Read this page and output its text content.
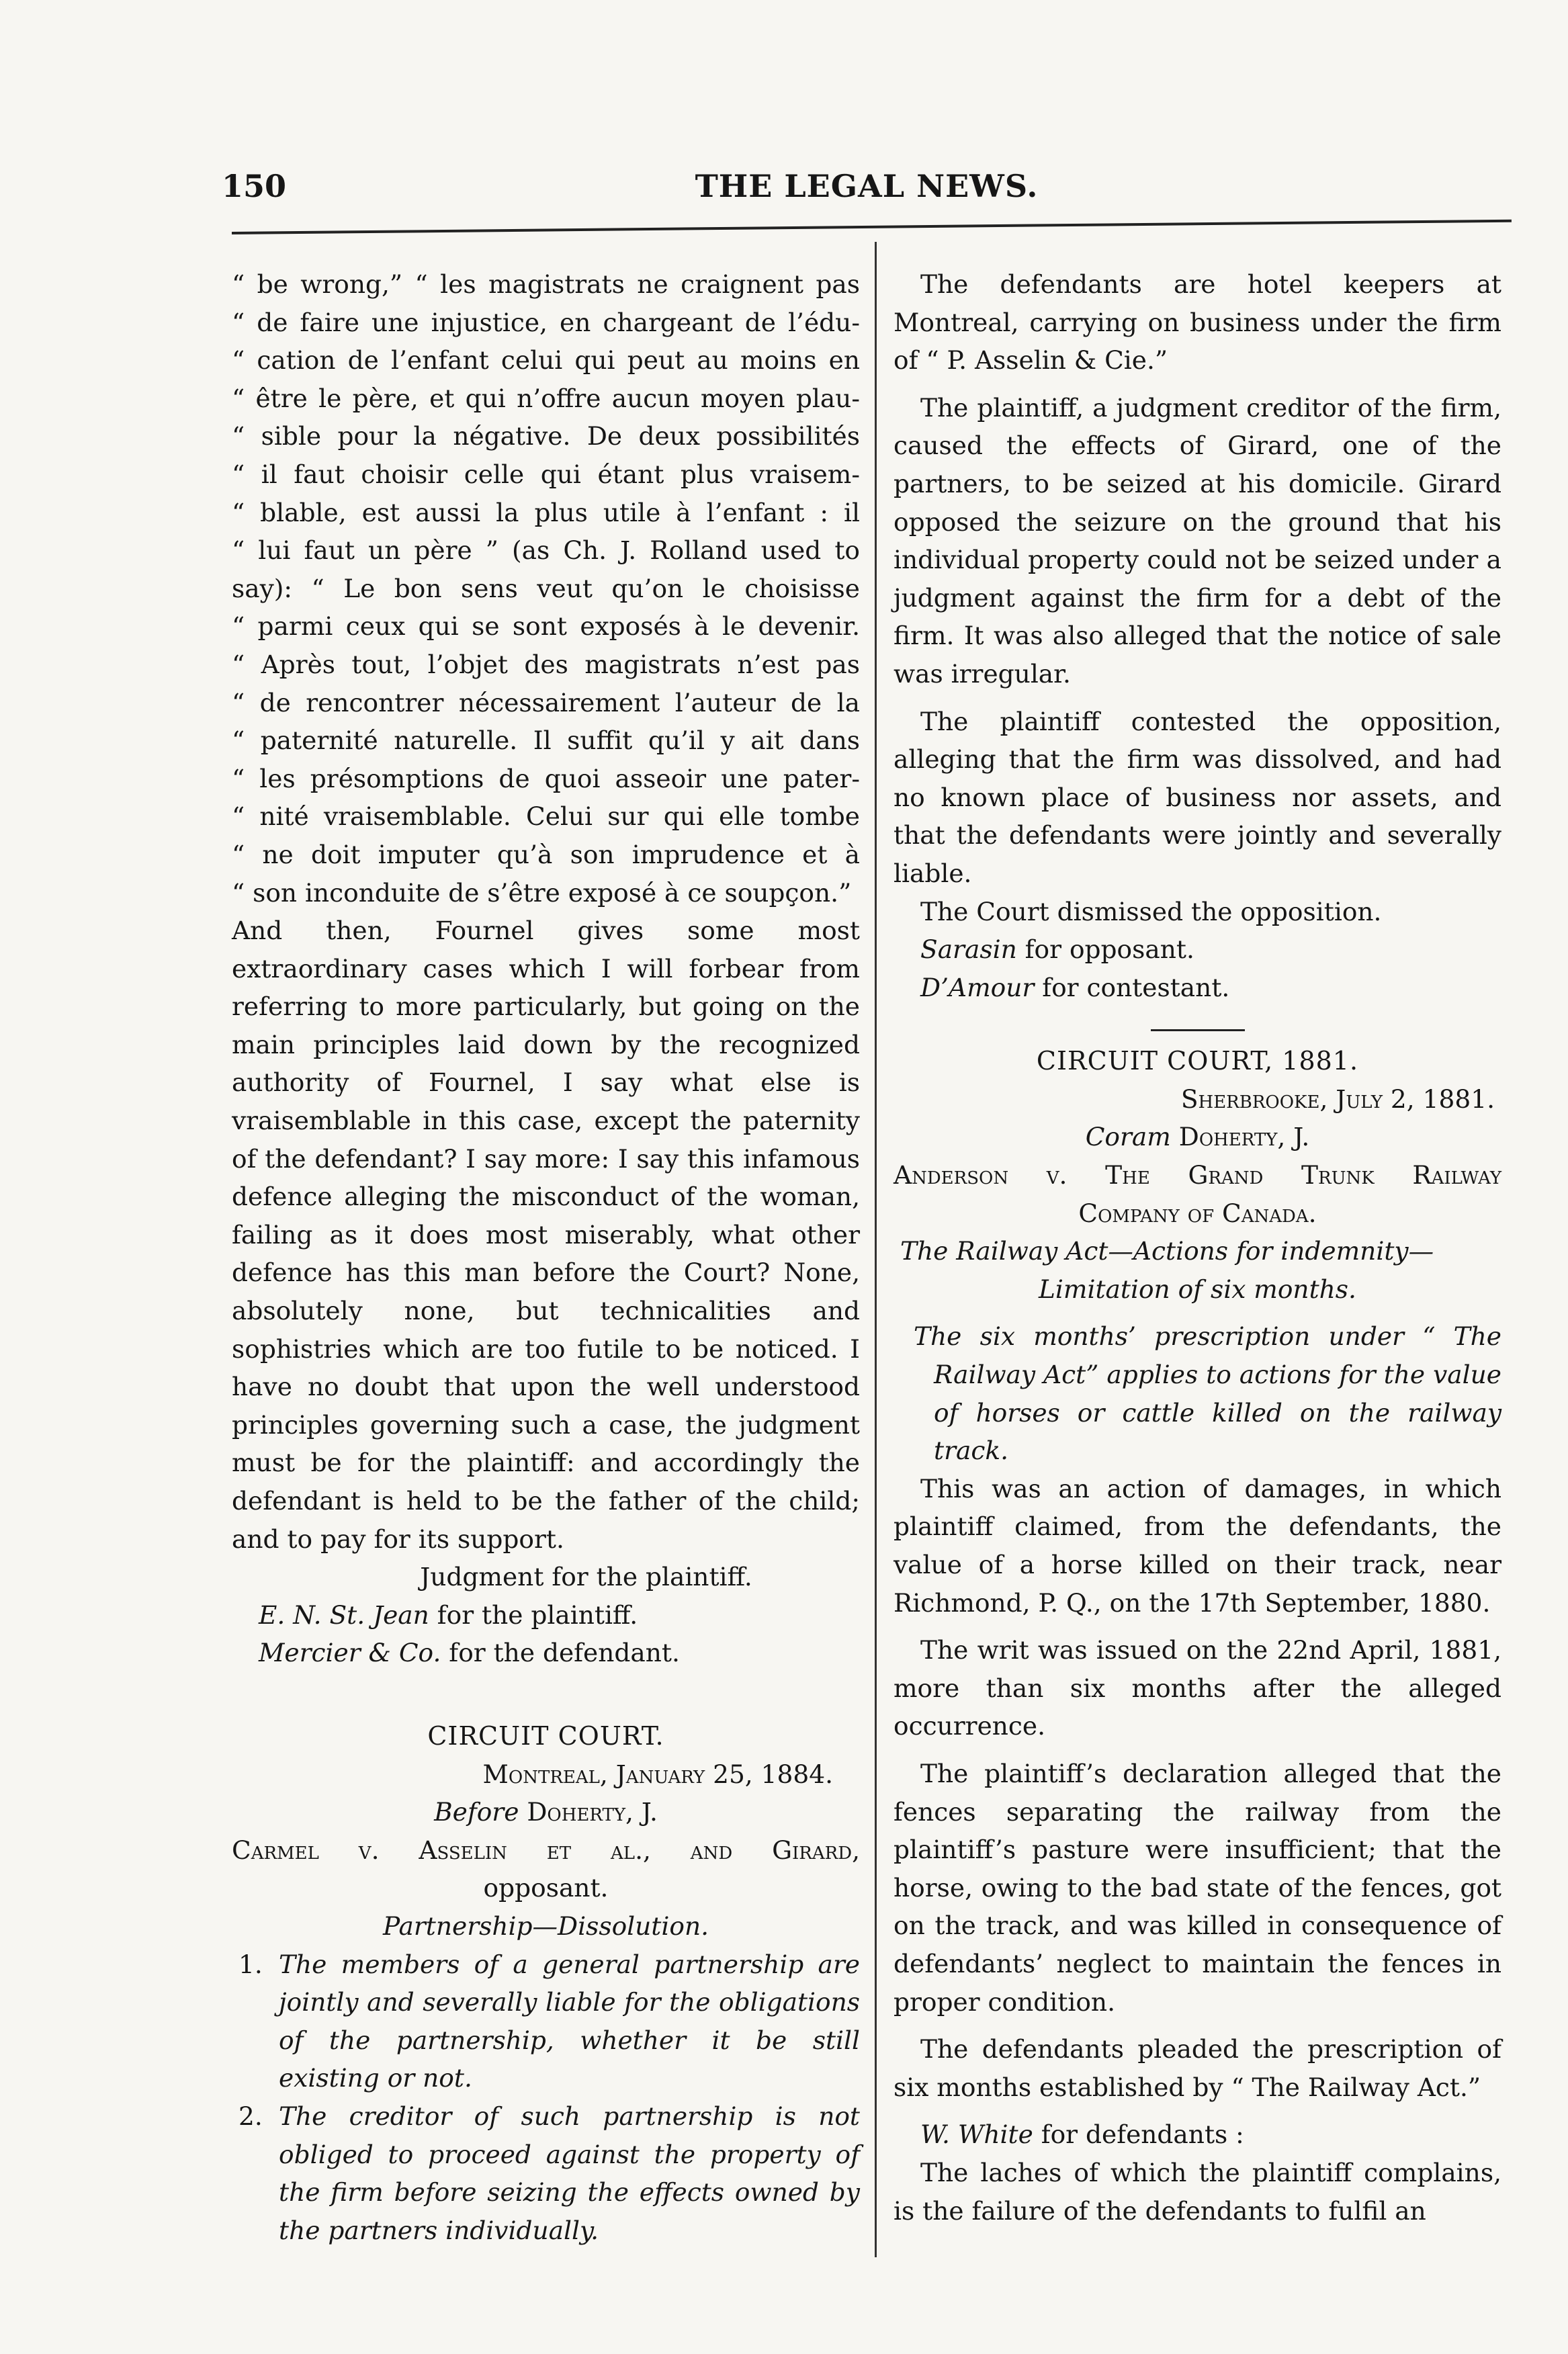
150	THE LEGAL NEWS.

“ be wrong,” “ les magistrats ne craignent pas

“ de faire une injustice, en chargeant de l’édu-

“ cation de l’enfant celui qui peut au moins en

“ être le père, et qui n’offre aucun moyen plau-

“ sible pour la négative. De deux possibilités

“ il faut choisir celle qui étant plus vraisem-

“ blable, est aussi la plus utile à l’enfant : il

“ lui faut un père ” (as Ch. J. Rolland used to

say): “ Le bon sens veut qu’on le choisisse

“ parmi ceux qui se sont exposés à le devenir.

“ Après tout, l’objet des magistrats n’est pas

“ de rencontrer nécessairement l’auteur de la

“ paternité naturelle. Il suffit qu’il y ait dans

“ les présomptions de quoi asseoir une pater-

“ nité vraisemblable. Celui sur qui elle tombe

“ ne doit imputer qu’à son imprudence et à

“ son inconduite de s’être exposé à ce soupçon.”

And then, Fournel gives some most extraordinary cases which I will forbear from referring to more particularly, but going on the main principles laid down by the recognized authority of Fournel, I say what else is vraisemblable in this case, except the paternity of the defendant? I say more: I say this infamous defence alleging the misconduct of the woman, failing as it does most miserably, what other defence has this man before the Court? None, absolutely none, but technicalities and sophistries which are too futile to be noticed. I have no doubt that upon the well understood principles governing such a case, the judgment must be for the plaintiff: and accordingly the defendant is held to be the father of the child; and to pay for its support.

Judgment for the plaintiff.

E. N. St. Jean for the plaintiff.

Mercier & Co. for the defendant.

CIRCUIT COURT.

Montreal, January 25, 1884.

Before Doherty, J.

Carmel v. Asselin et al., and Girard,

opposant.

Partnership—Dissolution.

1. The members of a general partnership are jointly and severally liable for the obligations of the partnership, whether it be still existing or not.

2. The creditor of such partnership is not obliged to proceed against the property of the firm before seizing the effects owned by the partners individually.

The defendants are hotel keepers at Montreal, carrying on business under the firm of “ P. Asselin & Cie.”

The plaintiff, a judgment creditor of the firm, caused the effects of Girard, one of the partners, to be seized at his domicile. Girard opposed the seizure on the ground that his individual property could not be seized under a judgment against the firm for a debt of the firm. It was also alleged that the notice of sale was irregular.

The plaintiff contested the opposition, alleging that the firm was dissolved, and had no known place of business nor assets, and that the defendants were jointly and severally liable.

The Court dismissed the opposition.

Sarasin for opposant.

D’Amour for contestant.

CIRCUIT COURT, 1881.

Sherbrooke, July 2, 1881.

Coram Doherty, J.

Anderson v. The Grand Trunk Railway

Company of Canada.

The Railway Act—Actions for indemnity—

Limitation of six months.

The six months’ prescription under “ The Railway Act” applies to actions for the value of horses or cattle killed on the railway track.

This was an action of damages, in which plaintiff claimed, from the defendants, the value of a horse killed on their track, near Richmond, P. Q., on the 17th September, 1880.

The writ was issued on the 22nd April, 1881, more than six months after the alleged occurrence.

The plaintiff’s declaration alleged that the fences separating the railway from the plaintiff’s pasture were insufficient; that the horse, owing to the bad state of the fences, got on the track, and was killed in consequence of defendants’ neglect to maintain the fences in proper condition.

The defendants pleaded the prescription of six months established by “ The Railway Act.”

W. White for defendants :

The laches of which the plaintiff complains, is the failure of the defendants to fulfil an
